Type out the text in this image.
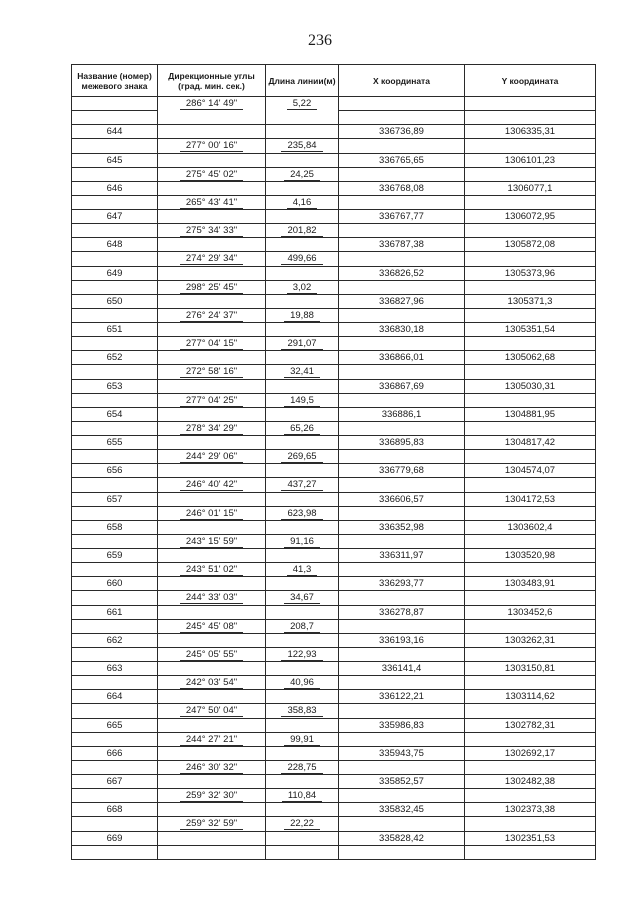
236
Название (номер) межевого знака	Дирекционные углы (град. мин. сек.)	Длина линии(м)	X координата	Y координата

	286° 14' 49"	5,22		

644	277° 00' 16"	235,84	336736,89	1306335,31

645	275° 45' 02"	24,25	336765,65	1306101,23

646	265° 43' 41"	4,16	336768,08	1306077,1

647	275° 34' 33"	201,82	336767,77	1306072,95

648	274° 29' 34"	499,66	336787,38	1305872,08

649	298° 25' 45"	3,02	336826,52	1305373,96

650	276° 24' 37"	19,88	336827,96	1305371,3

651	277° 04' 15"	291,07	336830,18	1305351,54

652	272° 58' 16"	32,41	336866,01	1305062,68

653	277° 04' 25"	149,5	336867,69	1305030,31

654	278° 34' 29"	65,26	336886,1	1304881,95

655	244° 29' 06"	269,65	336895,83	1304817,42

656	246° 40' 42"	437,27	336779,68	1304574,07

657	246° 01' 15"	623,98	336606,57	1304172,53

658	243° 15' 59"	91,16	336352,98	1303602,4

659	243° 51' 02"	41,3	336311,97	1303520,98

660	244° 33' 03"	34,67	336293,77	1303483,91

661	245° 45' 08"	208,7	336278,87	1303452,6

662	245° 05' 55"	122,93	336193,16	1303262,31

663	242° 03' 54"	40,96	336141,4	1303150,81

664	247° 50' 04"	358,83	336122,21	1303114,62

665	244° 27' 21"	99,91	335986,83	1302782,31

666	246° 30' 32"	228,75	335943,75	1302692,17

667	259° 32' 30"	110,84	335852,57	1302482,38

668	259° 32' 59"	22,22	335832,45	1302373,38

669			335828,42	1302351,53
